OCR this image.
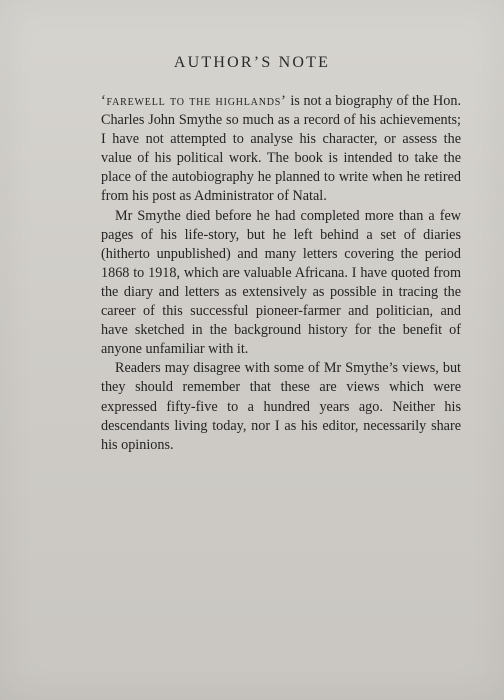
AUTHOR’S NOTE

‘farewell to the highlands’ is not a biography of the Hon. Charles John Smythe so much as a record of his achievements; I have not attempted to analyse his character, or assess the value of his political work. The book is intended to take the place of the autobiography he planned to write when he retired from his post as Administrator of Natal.

Mr Smythe died before he had completed more than a few pages of his life-story, but he left behind a set of diaries (hitherto unpublished) and many letters covering the period 1868 to 1918, which are valuable Africana. I have quoted from the diary and letters as extensively as possible in tracing the career of this successful pioneer-farmer and politician, and have sketched in the background history for the benefit of anyone unfamiliar with it.

Readers may disagree with some of Mr Smythe’s views, but they should remember that these are views which were expressed fifty-five to a hundred years ago. Neither his descendants living today, nor I as his editor, necessarily share his opinions.
